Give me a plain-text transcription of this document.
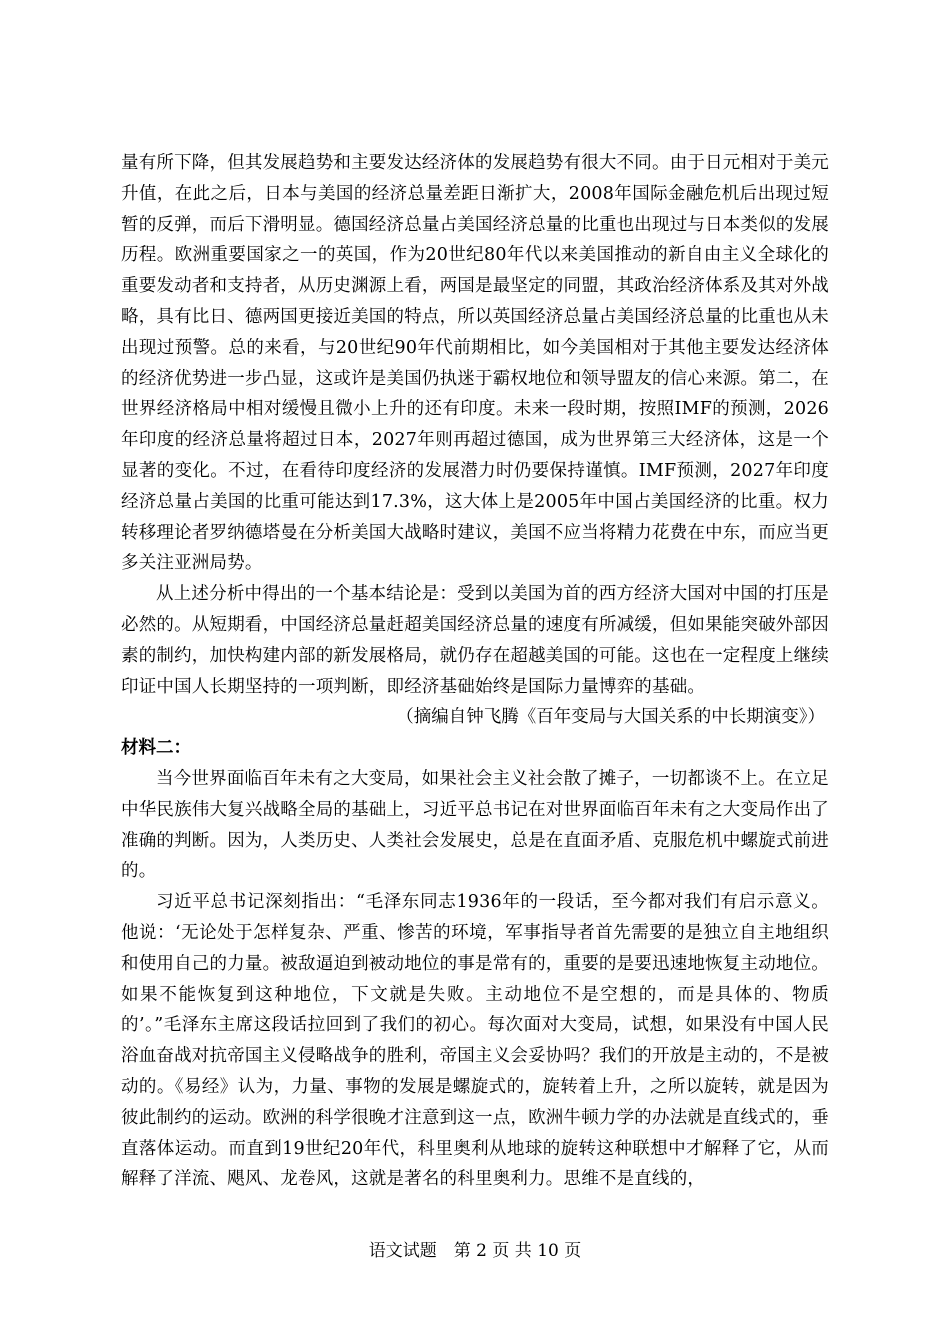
量有所下降，但其发展趋势和主要发达经济体的发展趋势有很大不同。由于日元相对于美元升值，在此之后，日本与美国的经济总量差距日渐扩大，2008年国际金融危机后出现过短暂的反弹，而后下滑明显。德国经济总量占美国经济总量的比重也出现过与日本类似的发展历程。欧洲重要国家之一的英国，作为20世纪80年代以来美国推动的新自由主义全球化的重要发动者和支持者，从历史渊源上看，两国是最坚定的同盟，其政治经济体系及其对外战略，具有比日、德两国更接近美国的特点，所以英国经济总量占美国经济总量的比重也从未出现过预警。总的来看，与20世纪90年代前期相比，如今美国相对于其他主要发达经济体的经济优势进一步凸显，这或许是美国仍执迷于霸权地位和领导盟友的信心来源。第二，在世界经济格局中相对缓慢且微小上升的还有印度。未来一段时期，按照IMF的预测，2026年印度的经济总量将超过日本，2027年则再超过德国，成为世界第三大经济体，这是一个显著的变化。不过，在看待印度经济的发展潜力时仍要保持谨慎。IMF预测，2027年印度经济总量占美国的比重可能达到17.3%，这大体上是2005年中国占美国经济的比重。权力转移理论者罗纳德塔曼在分析美国大战略时建议，美国不应当将精力花费在中东，而应当更多关注亚洲局势。

从上述分析中得出的一个基本结论是：受到以美国为首的西方经济大国对中国的打压是必然的。从短期看，中国经济总量赶超美国经济总量的速度有所减缓，但如果能突破外部因素的制约，加快构建内部的新发展格局，就仍存在超越美国的可能。这也在一定程度上继续印证中国人长期坚持的一项判断，即经济基础始终是国际力量博弈的基础。

（摘编自钟飞腾《百年变局与大国关系的中长期演变》）

材料二：

当今世界面临百年未有之大变局，如果社会主义社会散了摊子，一切都谈不上。在立足中华民族伟大复兴战略全局的基础上，习近平总书记在对世界面临百年未有之大变局作出了准确的判断。因为，人类历史、人类社会发展史，总是在直面矛盾、克服危机中螺旋式前进的。

习近平总书记深刻指出：“毛泽东同志1936年的一段话，至今都对我们有启示意义。他说：‘无论处于怎样复杂、严重、惨苦的环境，军事指导者首先需要的是独立自主地组织和使用自己的力量。被敌逼迫到被动地位的事是常有的，重要的是要迅速地恢复主动地位。如果不能恢复到这种地位，下文就是失败。主动地位不是空想的，而是具体的、物质的’。”毛泽东主席这段话拉回到了我们的初心。每次面对大变局，试想，如果没有中国人民浴血奋战对抗帝国主义侵略战争的胜利，帝国主义会妥协吗？我们的开放是主动的，不是被动的。《易经》认为，力量、事物的发展是螺旋式的，旋转着上升，之所以旋转，就是因为彼此制约的运动。欧洲的科学很晚才注意到这一点，欧洲牛顿力学的办法就是直线式的，垂直落体运动。而直到19世纪20年代，科里奥利从地球的旋转这种联想中才解释了它，从而解释了洋流、飓风、龙卷风，这就是著名的科里奥利力。思维不是直线的，

语文试题　第 2 页 共 10 页
